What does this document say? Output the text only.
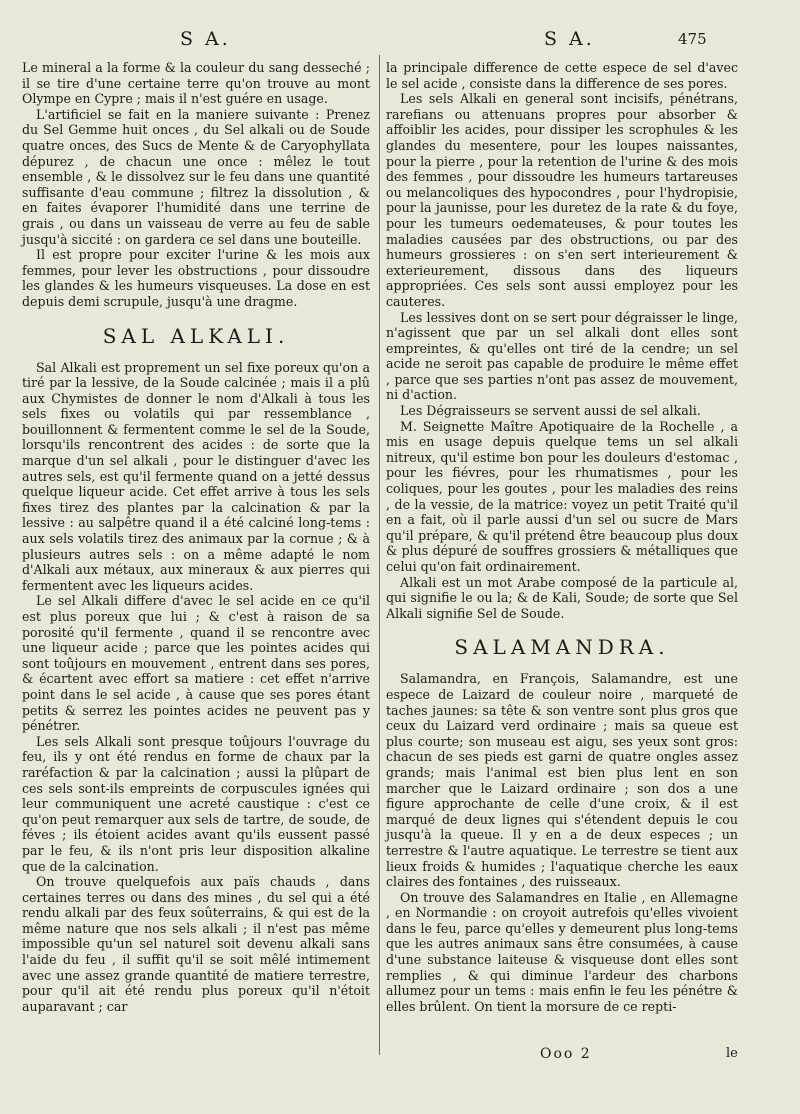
S A.	S A.	475

Le mineral a la forme & la couleur du sang desseché ; il se tire d'une certaine terre qu'on trouve au mont Olympe en Cypre ; mais il n'est guére en usage.

L'artificiel se fait en la maniere suivante : Prenez du Sel Gemme huit onces , du Sel alkali ou de Soude quatre onces, des Sucs de Mente & de Caryophyllata dépurez , de chacun une once : mêlez le tout ensemble , & le dissolvez sur le feu dans une quantité suffisante d'eau commune ; filtrez la dissolution , & en faites évaporer l'humidité dans une terrine de grais , ou dans un vaisseau de verre au feu de sable jusqu'à siccité : on gardera ce sel dans une bouteille.

Il est propre pour exciter l'urine & les mois aux femmes, pour lever les obstructions , pour dissoudre les glandes & les humeurs visqueuses. La dose en est depuis demi scrupule, jusqu'à une dragme.

SAL ALKALI.

Sal Alkali est proprement un sel fixe poreux qu'on a tiré par la lessive, de la Soude calcinée ; mais il a plû aux Chymistes de donner le nom d'Alkali à tous les sels fixes ou volatils qui par ressemblance , bouillonnent & fermentent comme le sel de la Soude, lorsqu'ils rencontrent des acides : de sorte que la marque d'un sel alkali , pour le distinguer d'avec les autres sels, est qu'il fermente quand on a jetté dessus quelque liqueur acide. Cet effet arrive à tous les sels fixes tirez des plantes par la calcination & par la lessive : au salpêtre quand il a été calciné long-tems : aux sels volatils tirez des animaux par la cornue ; & à plusieurs autres sels : on a même adapté le nom d'Alkali aux métaux, aux mineraux & aux pierres qui fermentent avec les liqueurs acides.

Le sel Alkali differe d'avec le sel acide en ce qu'il est plus poreux que lui ; & c'est à raison de sa porosité qu'il fermente , quand il se rencontre avec une liqueur acide ; parce que les pointes acides qui sont toûjours en mouvement , entrent dans ses pores, & écartent avec effort sa matiere : cet effet n'arrive point dans le sel acide , à cause que ses pores étant petits & serrez les pointes acides ne peuvent pas y pénétrer.

Les sels Alkali sont presque toûjours l'ouvrage du feu, ils y ont été rendus en forme de chaux par la raréfaction & par la calcination ; aussi la plûpart de ces sels sont-ils empreints de corpuscules ignées qui leur communiquent une acreté caustique : c'est ce qu'on peut remarquer aux sels de tartre, de soude, de féves ; ils étoient acides avant qu'ils eussent passé par le feu, & ils n'ont pris leur disposition alkaline que de la calcination.

On trouve quelquefois aux païs chauds , dans certaines terres ou dans des mines , du sel qui a été rendu alkali par des feux soûterrains, & qui est de la même nature que nos sels alkali ; il n'est pas même impossible qu'un sel naturel soit devenu alkali sans l'aide du feu , il suffit qu'il se soit mêlé intimement avec une assez grande quantité de matiere terrestre, pour qu'il ait été rendu plus poreux qu'il n'étoit auparavant ; car

la principale difference de cette espece de sel d'avec le sel acide , consiste dans la difference de ses pores.

Les sels Alkali en general sont incisifs, pénétrans, rarefians ou attenuans propres pour absorber & affoiblir les acides, pour dissiper les scrophules & les glandes du mesentere, pour les loupes naissantes, pour la pierre , pour la retention de l'urine & des mois des femmes , pour dissoudre les humeurs tartareuses ou melancoliques des hypocondres , pour l'hydropisie, pour la jaunisse, pour les duretez de la rate & du foye, pour les tumeurs oedemateuses, & pour toutes les maladies causées par des obstructions, ou par des humeurs grossieres : on s'en sert interieurement & exterieurement, dissous dans des liqueurs appropriées. Ces sels sont aussi employez pour les cauteres.

Les lessives dont on se sert pour dégraisser le linge, n'agissent que par un sel alkali dont elles sont empreintes, & qu'elles ont tiré de la cendre; un sel acide ne seroit pas capable de produire le même effet , parce que ses parties n'ont pas assez de mouvement, ni d'action.

Les Dégraisseurs se servent aussi de sel alkali.

M. Seignette Maître Apotiquaire de la Rochelle , a mis en usage depuis quelque tems un sel alkali nitreux, qu'il estime bon pour les douleurs d'estomac , pour les fiévres, pour les rhumatismes , pour les coliques, pour les goutes , pour les maladies des reins , de la vessie, de la matrice: voyez un petit Traité qu'il en a fait, où il parle aussi d'un sel ou sucre de Mars qu'il prépare, & qu'il prétend être beaucoup plus doux & plus dépuré de souffres grossiers & métalliques que celui qu'on fait ordinairement.

Alkali est un mot Arabe composé de la particule al, qui signifie le ou la; & de Kali, Soude; de sorte que Sel Alkali signifie Sel de Soude.

SALAMANDRA.

Salamandra, en François, Salamandre, est une espece de Laizard de couleur noire , marqueté de taches jaunes: sa tête & son ventre sont plus gros que ceux du Laizard verd ordinaire ; mais sa queue est plus courte; son museau est aigu, ses yeux sont gros: chacun de ses pieds est garni de quatre ongles assez grands; mais l'animal est bien plus lent en son marcher que le Laizard ordinaire ; son dos a une figure approchante de celle d'une croix, & il est marqué de deux lignes qui s'étendent depuis le cou jusqu'à la queue. Il y en a de deux especes ; un terrestre & l'autre aquatique. Le terrestre se tient aux lieux froids & humides ; l'aquatique cherche les eaux claires des fontaines , des ruisseaux.

On trouve des Salamandres en Italie , en Allemagne , en Normandie : on croyoit autrefois qu'elles vivoient dans le feu, parce qu'elles y demeurent plus long-tems que les autres animaux sans être consumées, à cause d'une substance laiteuse & visqueuse dont elles sont remplies , & qui diminue l'ardeur des charbons allumez pour un tems : mais enfin le feu les pénétre & elles brûlent. On tient la morsure de ce repti-

Ooo 2	le
